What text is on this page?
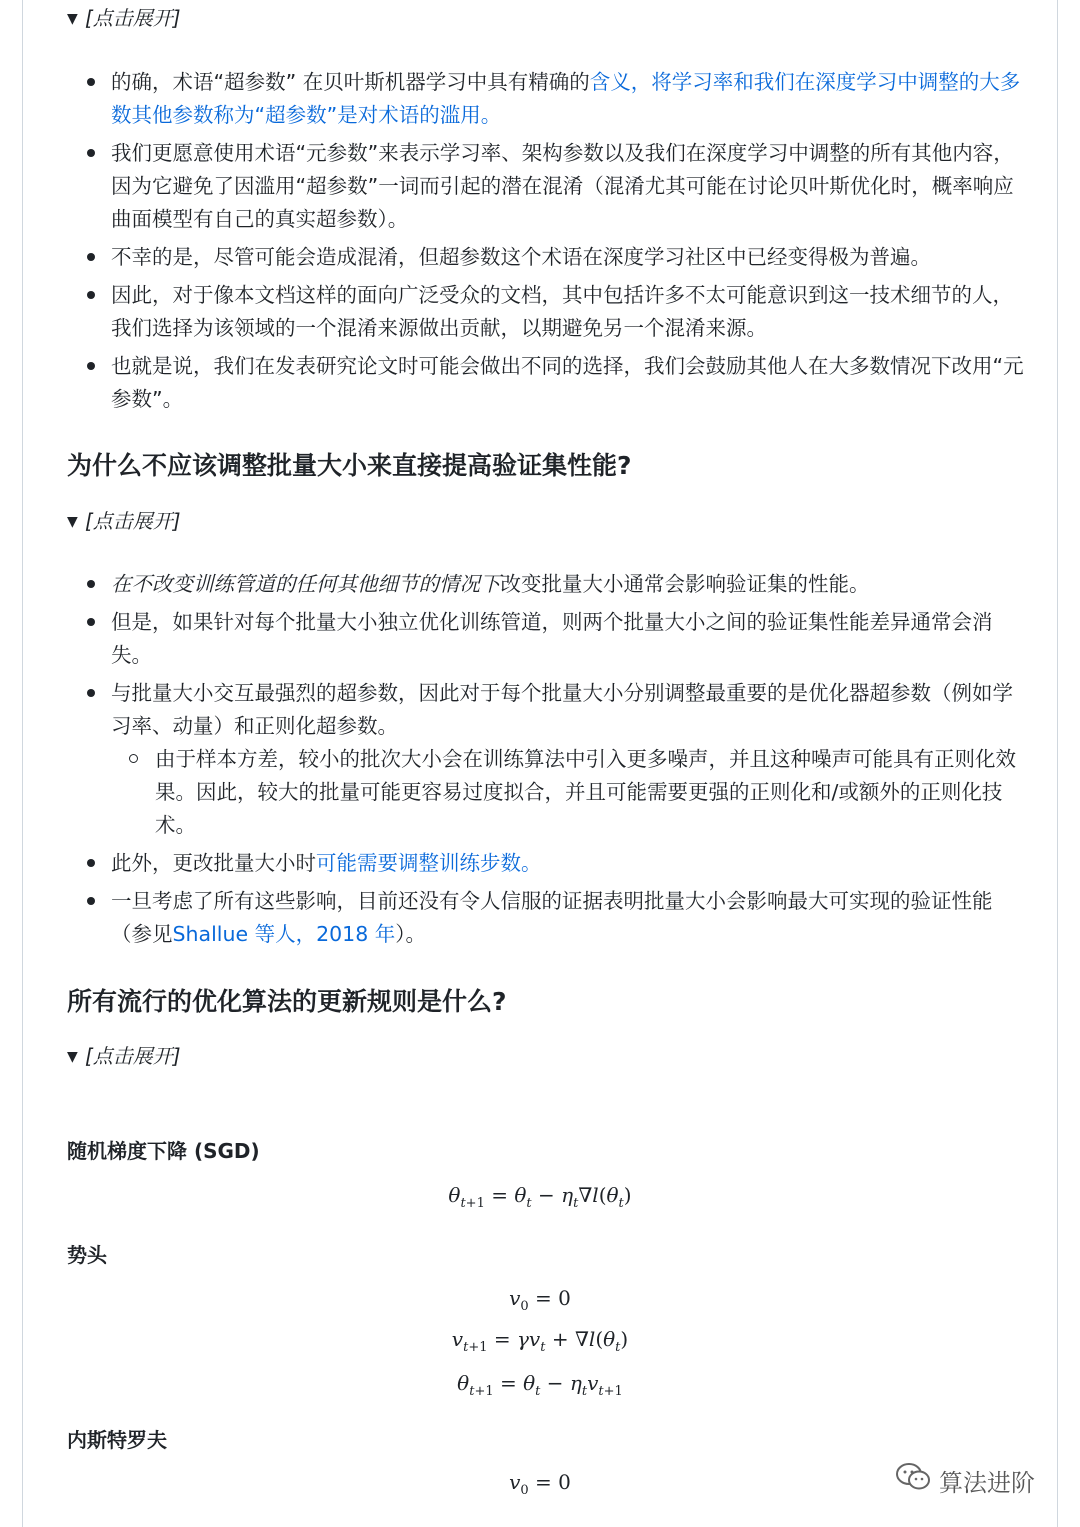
▼ [点击展开]
的确，术语“超参数” 在贝叶斯机器学习中具有精确的含义，将学习率和我们在深度学习中调整的大多数其他参数称为“超参数”是对术语的滥用。
我们更愿意使用术语“元参数”来表示学习率、架构参数以及我们在深度学习中调整的所有其他内容，因为它避免了因滥用“超参数”一词而引起的潜在混淆（混淆尤其可能在讨论贝叶斯优化时，概率响应曲面模型有自己的真实超参数）。
不幸的是，尽管可能会造成混淆，但超参数这个术语在深度学习社区中已经变得极为普遍。
因此，对于像本文档这样的面向广泛受众的文档，其中包括许多不太可能意识到这一技术细节的人，我们选择为该领域的一个混淆来源做出贡献，以期避免另一个混淆来源。
也就是说，我们在发表研究论文时可能会做出不同的选择，我们会鼓励其他人在大多数情况下改用“元参数”。
为什么不应该调整批量大小来直接提高验证集性能?
▼ [点击展开]
在不改变训练管道的任何其他细节的情况下改变批量大小通常会影响验证集的性能。
但是，如果针对每个批量大小独立优化训练管道，则两个批量大小之间的验证集性能差异通常会消失。
与批量大小交互最强烈的超参数，因此对于每个批量大小分别调整最重要的是优化器超参数（例如学习率、动量）和正则化超参数。
由于样本方差，较小的批次大小会在训练算法中引入更多噪声，并且这种噪声可能具有正则化效果。因此，较大的批量可能更容易过度拟合，并且可能需要更强的正则化和/或额外的正则化技术。
此外，更改批量大小时可能需要调整训练步数。
一旦考虑了所有这些影响，目前还没有令人信服的证据表明批量大小会影响最大可实现的验证性能（参见Shallue 等人，2018 年）。
所有流行的优化算法的更新规则是什么?
▼ [点击展开]
随机梯度下降 (SGD)
$\theta_{t+1} = \theta_t - \eta_t\nabla l(\theta_t)$
势头
$v_0 = 0$
$v_{t+1} = \gamma v_t + \nabla l(\theta_t)$
$\theta_{t+1} = \theta_t - \eta_tv_{t+1}$
内斯特罗夫
$v_0 = 0$	算法进阶
